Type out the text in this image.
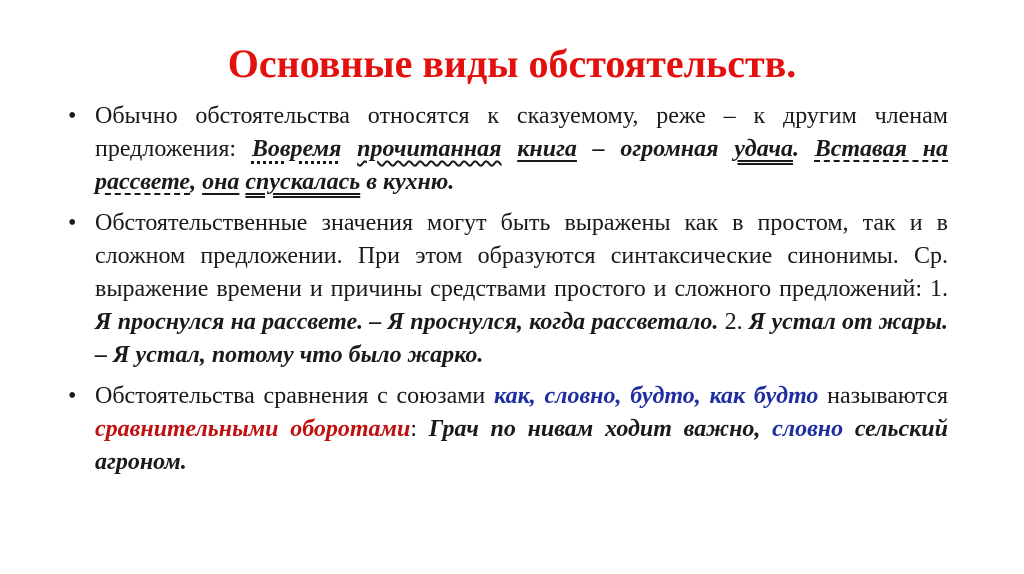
Основные виды обстоятельств.
• Обычно обстоятельства относятся к сказуемому, реже – к другим членам предложения: Вовремя прочитанная книга – огромная удача. Вставая на рассвете, она спускалась в кухню.
• Обстоятельственные значения могут быть выражены как в простом, так и в сложном предложении. При этом образуются синтаксические синонимы. Ср. выражение времени и причины средствами простого и сложного предложений: 1. Я проснулся на рассвете. – Я проснулся, когда рассветало. 2. Я устал от жары. – Я устал, потому что было жарко.
• Обстоятельства сравнения с союзами как, словно, будто, как будто называются сравнительными оборотами: Грач по нивам ходит важно, словно сельский агроном.
